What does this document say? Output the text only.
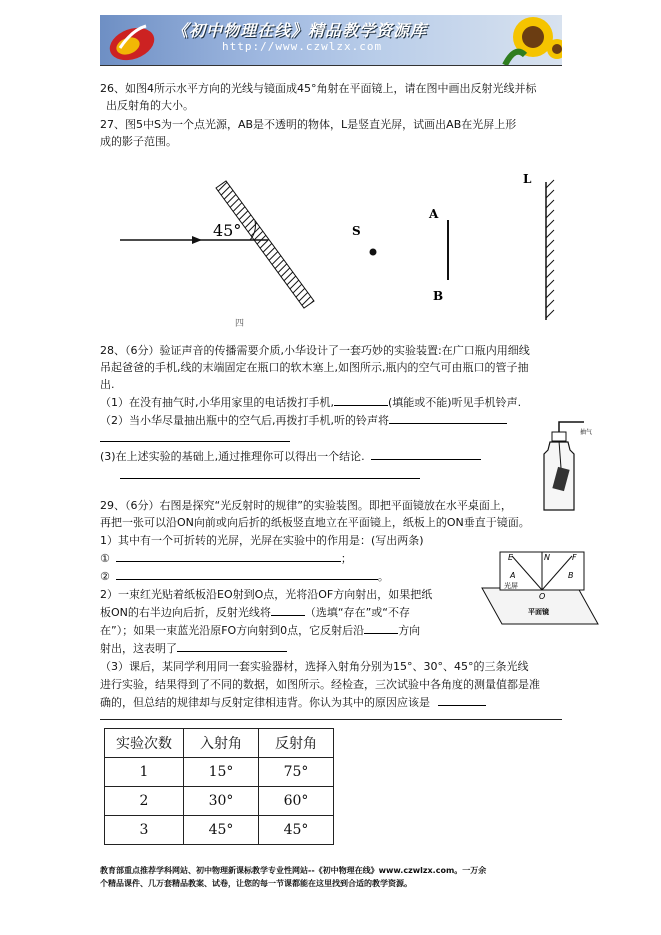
《初中物理在线》精品教学资源库
http://www.czwlzx.com
26、如图4所示水平方向的光线与镜面成45°角射在平面镜上，请在图中画出反射光线并标
出反射角的大小。
27、图5中S为一个点光源，AB是不透明的物体，L是竖直光屏，试画出AB在光屏上形
成的影子范围。
45°
四
S
A
B
L
28、（6分）验证声音的传播需要介质,小华设计了一套巧妙的实验装置:在广口瓶内用细线
吊起爸爸的手机,线的末端固定在瓶口的软木塞上,如图所示,瓶内的空气可由瓶口的管子抽
出.
（1）在没有抽气时,小华用家里的电话拨打手机,	(填能或不能)听见手机铃声.
（2）当小华尽量抽出瓶中的空气后,再拨打手机,听的铃声将
(3)在上述实验的基础上,通过推理你可以得出一个结论.
抽气
29、（6分）右图是探究“光反射时的规律”的实验装图。即把平面镜放在水平桌面上，
再把一张可以沿ON向前或向后折的纸板竖直地立在平面镜上，纸板上的ON垂直于镜面。
1）其中有一个可折转的光屏，光屏在实验中的作用是：(写出两条)
①	；
②	。
2）一束红光贴着纸板沿EO射到O点，光将沿OF方向射出，如果把纸
板ON的右半边向后折，反射光线将	（选填“存在”或“不存
在”）；如果一束蓝光沿原FO方向射到0点，它反射后沿	方向
射出，这表明了
（3）课后，某同学利用同一套实验器材，选择入射角分别为15°、30°、45°的三条光线
进行实验，结果得到了不同的数据，如图所示。经检查，三次试验中各角度的测量值都是准
确的，但总结的规律却与反射定律相违背。你认为其中的原因应该是
E	N	F
A	B
O
光屏
平面镜
实验次数	入射角	反射角
1	15°	75°
2	30°	60°
3	45°	45°
教育部重点推荐学科网站、初中物理新课标教学专业性网站--《初中物理在线》www.czwlzx.com。一万余
个精品课件、几万套精品教案、试卷，让您的每一节课都能在这里找到合适的教学资源。
